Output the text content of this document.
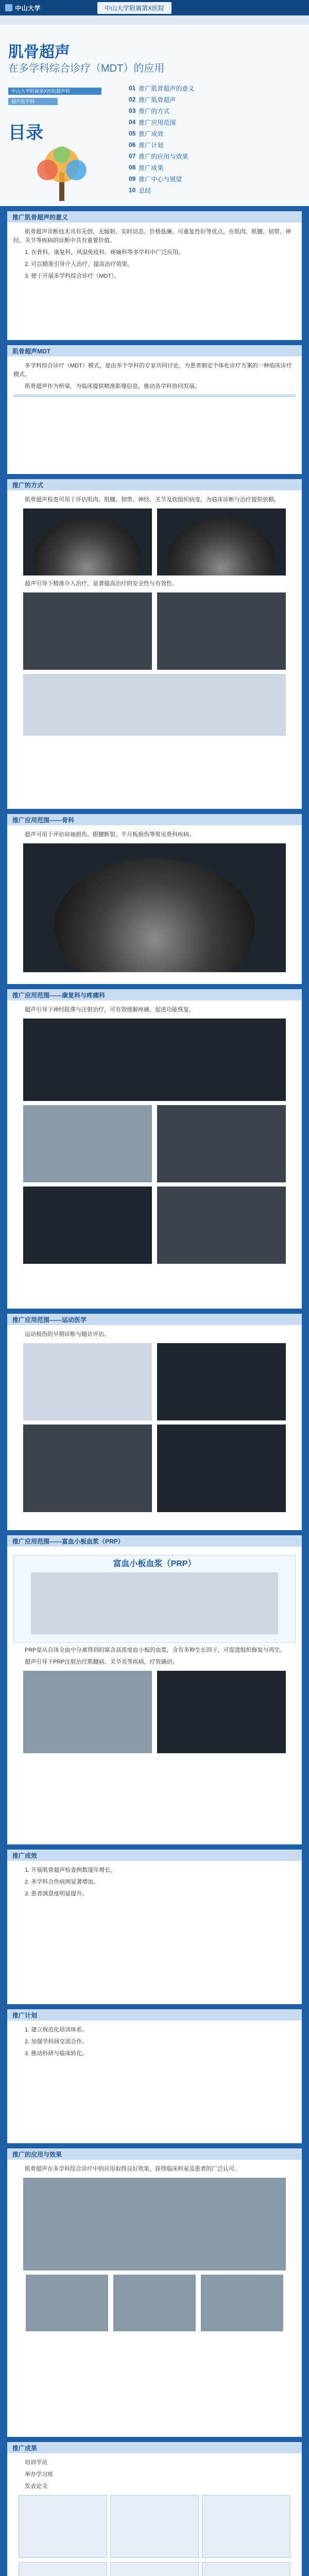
中山大学	中山大学附属第X医院
肌骨超声
在多学科综合诊疗（MDT）的应用
中山大学附属第X医院超声科
超声医学科
目录
01 推广肌骨超声的意义
02 推广肌骨超声
03 推广的方式
04 推广应用范围
05 推广成效
06 推广计划
07 推广的应用与效果
08 推广成果
09 推广中心与展望
10 总结
推广肌骨超声的意义

肌骨超声诊断技术具有无创、无辐射、实时动态、价格低廉、可重复性好等优点，在肌肉、肌腱、韧带、神经、关节等疾病的诊断中具有重要价值。

1. 在骨科、康复科、风湿免疫科、疼痛科等多学科中广泛应用。

2. 可以精准引导介入治疗，提高治疗效果。

3. 便于开展多学科综合诊疗（MDT）。

肌骨超声MDT

多学科综合诊疗（MDT）模式，是由多个学科的专家共同讨论，为患者制定个体化诊疗方案的一种临床诊疗模式。

肌骨超声作为桥梁，为临床提供精准影像信息，推动各学科协同发展。

推广的方式

肌骨超声检查可用于评估肌肉、肌腱、韧带、神经、关节及软组织病变，为临床诊断与治疗提供依据。

超声引导下精准介入治疗，显著提高治疗的安全性与有效性。

推广应用范围——骨科

超声可用于评估肩袖损伤、跟腱断裂、半月板损伤等常见骨科疾病。

推广应用范围——康复科与疼痛科

超声引导下神经阻滞与注射治疗，可有效缓解疼痛，促进功能恢复。

推广应用范围——运动医学

运动损伤的早期诊断与随访评估。

推广应用范围——富血小板血浆（PRP）
富血小板血浆（PRP）

PRP是从自体全血中分离得到的富含高浓度血小板的血浆，含有多种生长因子，可促进组织修复与再生。

超声引导下PRP注射治疗肌腱病、关节炎等疾病，疗效确切。

推广成效

1. 开展肌骨超声检查例数逐年增长。

2. 多学科合作病例显著增加。

3. 患者满意度明显提升。

推广计划

1. 建立规范化培训体系。

2. 加强学科间交流合作。

3. 推动科研与临床转化。

推广的应用与效果

肌骨超声在多学科综合诊疗中的应用取得良好效果，获得临床科室及患者的广泛认可。

推广成果

培训学员

举办学习班

发表论文
